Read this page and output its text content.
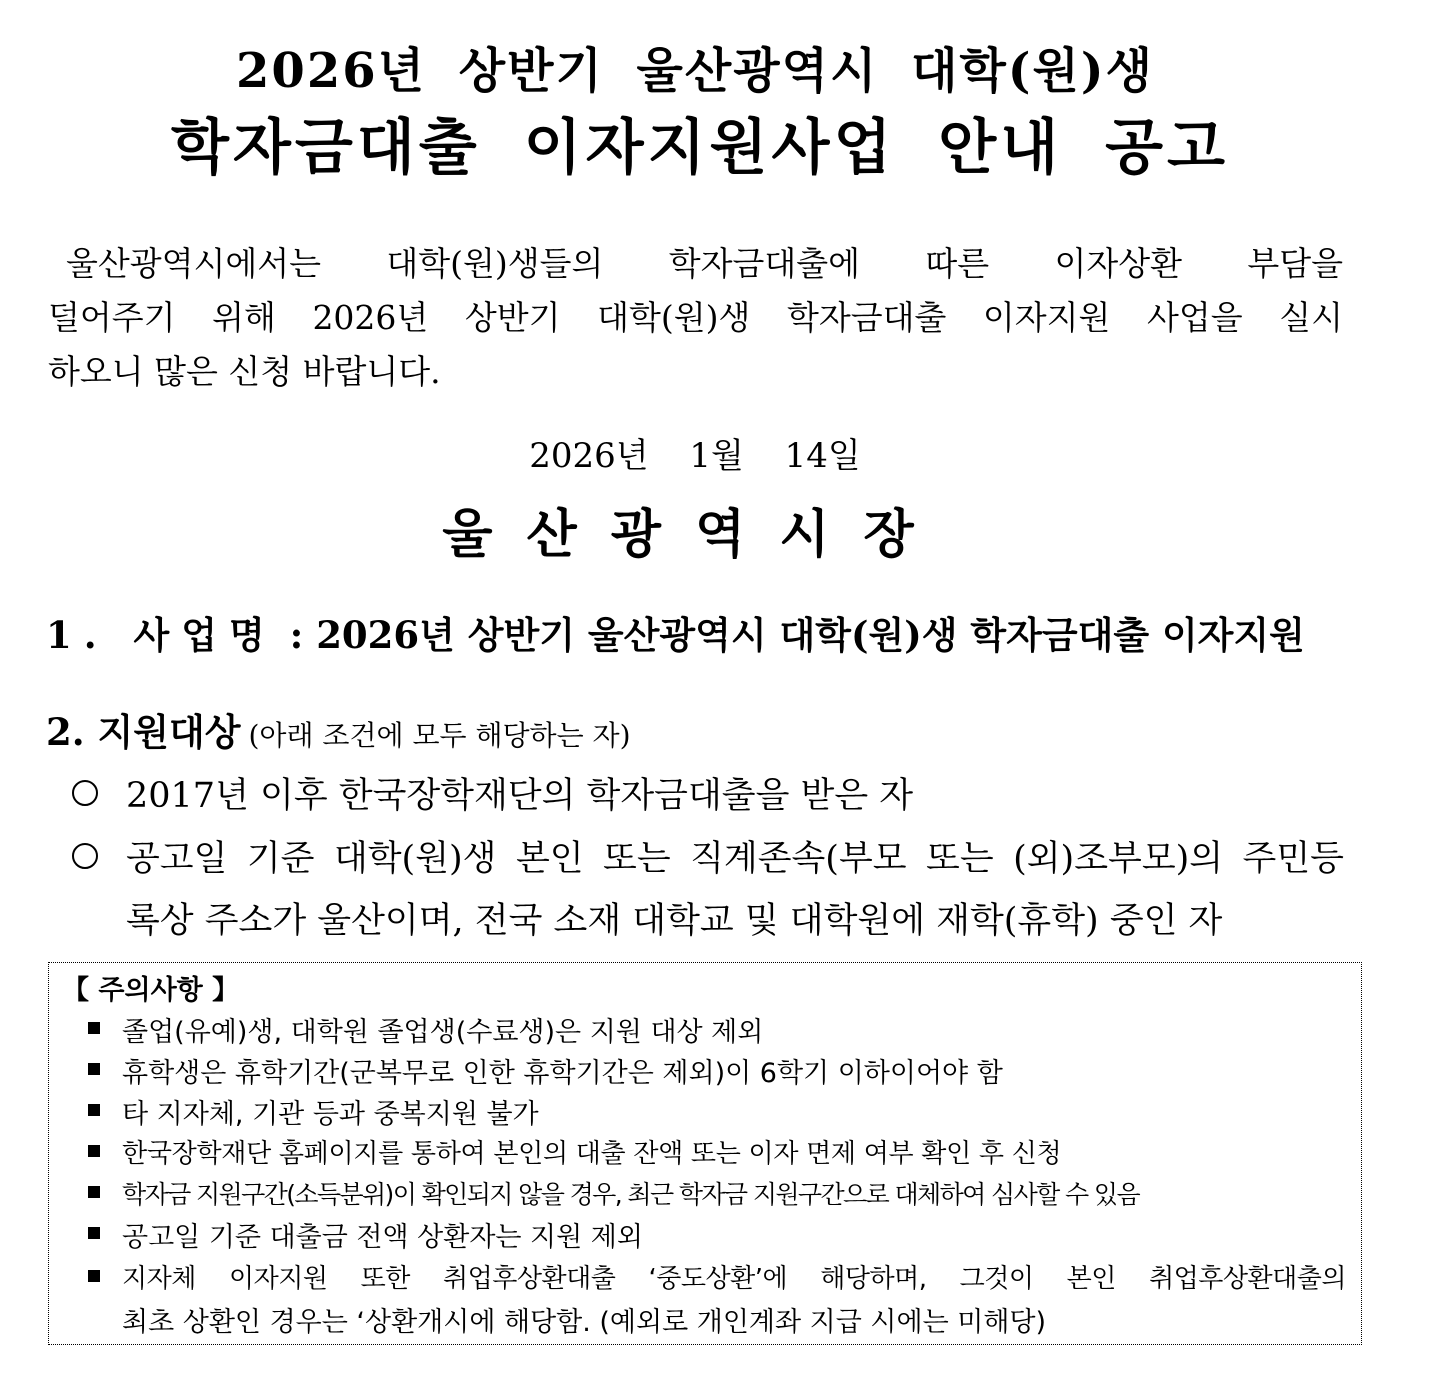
2026년 상반기 울산광역시 대학(원)생
학자금대출 이자지원사업 안내 공고
울산광역시에서는 대학(원)생들의 학자금대출에 따른 이자상환 부담을
덜어주기 위해 2026년 상반기 대학(원)생 학자금대출 이자지원 사업을 실시
하오니 많은 신청 바랍니다.
2026년 1월 14일
울산광역시장
1. 사업명 : 2026년 상반기 울산광역시 대학(원)생 학자금대출 이자지원
2. 지원대상 (아래 조건에 모두 해당하는 자)
2017년 이후 한국장학재단의 학자금대출을 받은 자
공고일 기준 대학(원)생 본인 또는 직계존속(부모 또는 (외)조부모)의 주민등
록상 주소가 울산이며, 전국 소재 대학교 및 대학원에 재학(휴학) 중인 자
【 주의사항 】
졸업(유예)생, 대학원 졸업생(수료생)은 지원 대상 제외
휴학생은 휴학기간(군복무로 인한 휴학기간은 제외)이 6학기 이하이어야 함
타 지자체, 기관 등과 중복지원 불가
한국장학재단 홈페이지를 통하여 본인의 대출 잔액 또는 이자 면제 여부 확인 후 신청
학자금 지원구간(소득분위)이 확인되지 않을 경우, 최근 학자금 지원구간으로 대체하여 심사할 수 있음
공고일 기준 대출금 전액 상환자는 지원 제외
지자체 이자지원 또한 취업후상환대출 ‘중도상환’에 해당하며, 그것이 본인 취업후상환대출의
최초 상환인 경우는 ‘상환개시에 해당함. (예외로 개인계좌 지급 시에는 미해당)
